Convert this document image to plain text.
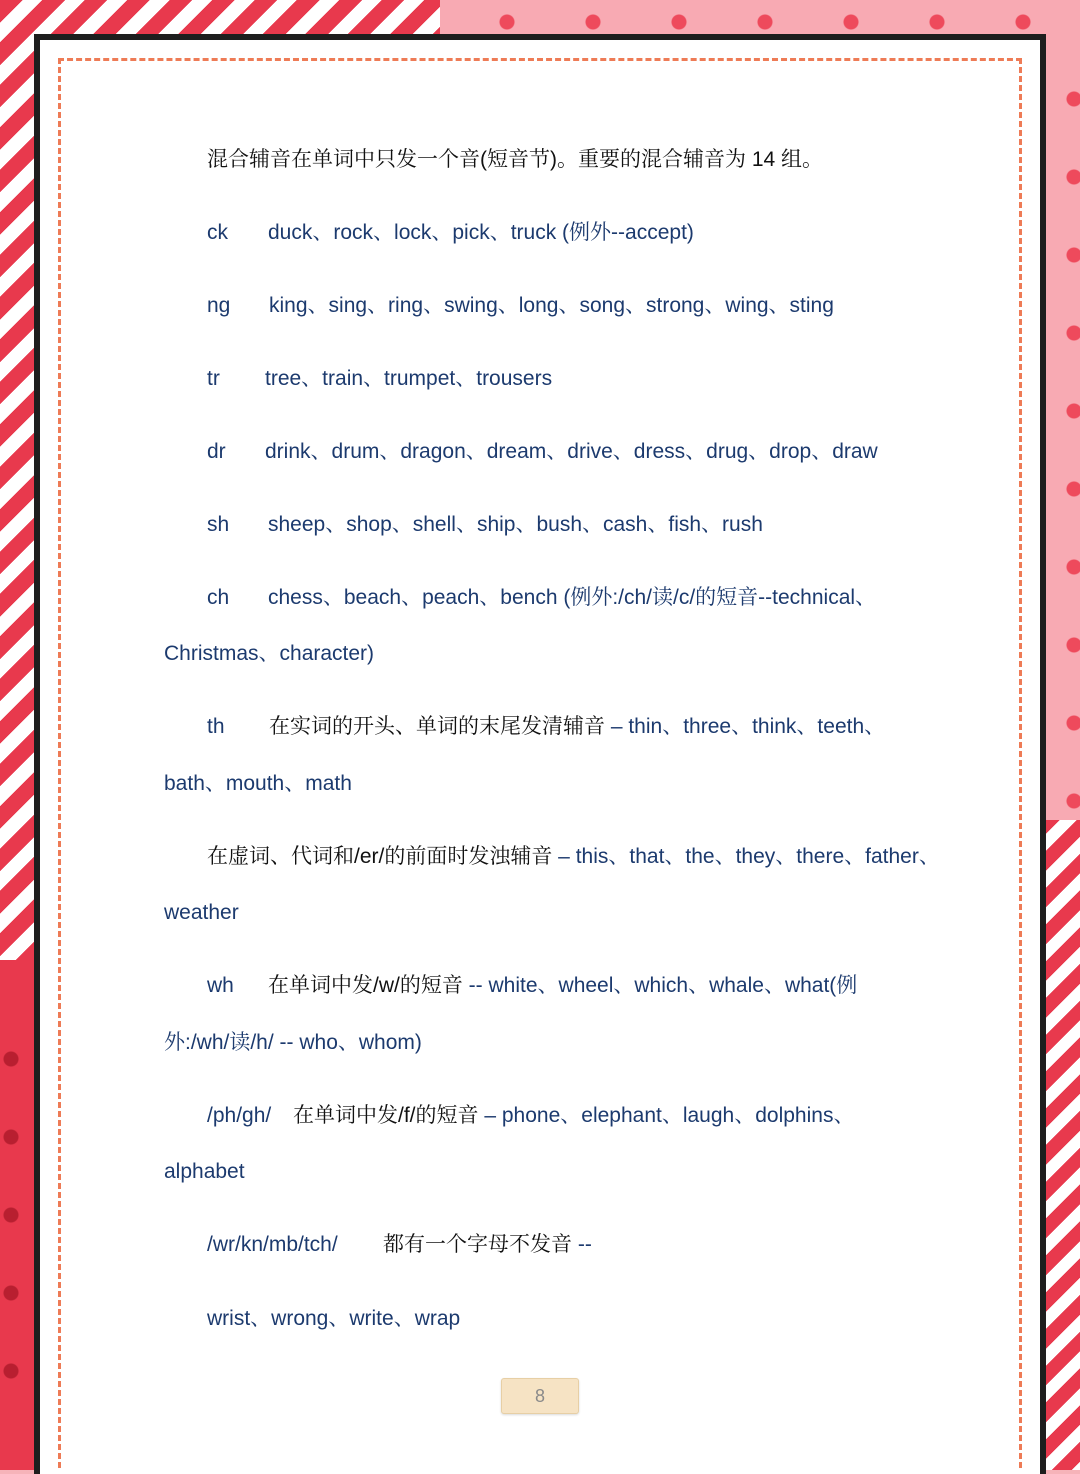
混合辅音在单词中只发一个音(短音节)。重要的混合辅音为 14 组。
ck duck、rock、lock、pick、truck (例外--accept)
ng king、sing、ring、swing、long、song、strong、wing、sting
tr tree、train、trumpet、trousers
dr drink、drum、dragon、dream、drive、dress、drug、drop、draw
sh sheep、shop、shell、ship、bush、cash、fish、rush
ch chess、beach、peach、bench (例外:/ch/读/c/的短音--technical、
Christmas、character)
th 在实词的开头、单词的末尾发清辅音 – thin、three、think、teeth、
bath、mouth、math
在虚词、代词和/er/的前面时发浊辅音 – this、that、the、they、there、father、
weather
wh 在单词中发/w/的短音 -- white、wheel、which、whale、what(例
外:/wh/读/h/ -- who、whom)
/ph/gh/ 在单词中发/f/的短音 – phone、elephant、laugh、dolphins、
alphabet
/wr/kn/mb/tch/ 都有一个字母不发音 --
wrist、wrong、write、wrap
8
